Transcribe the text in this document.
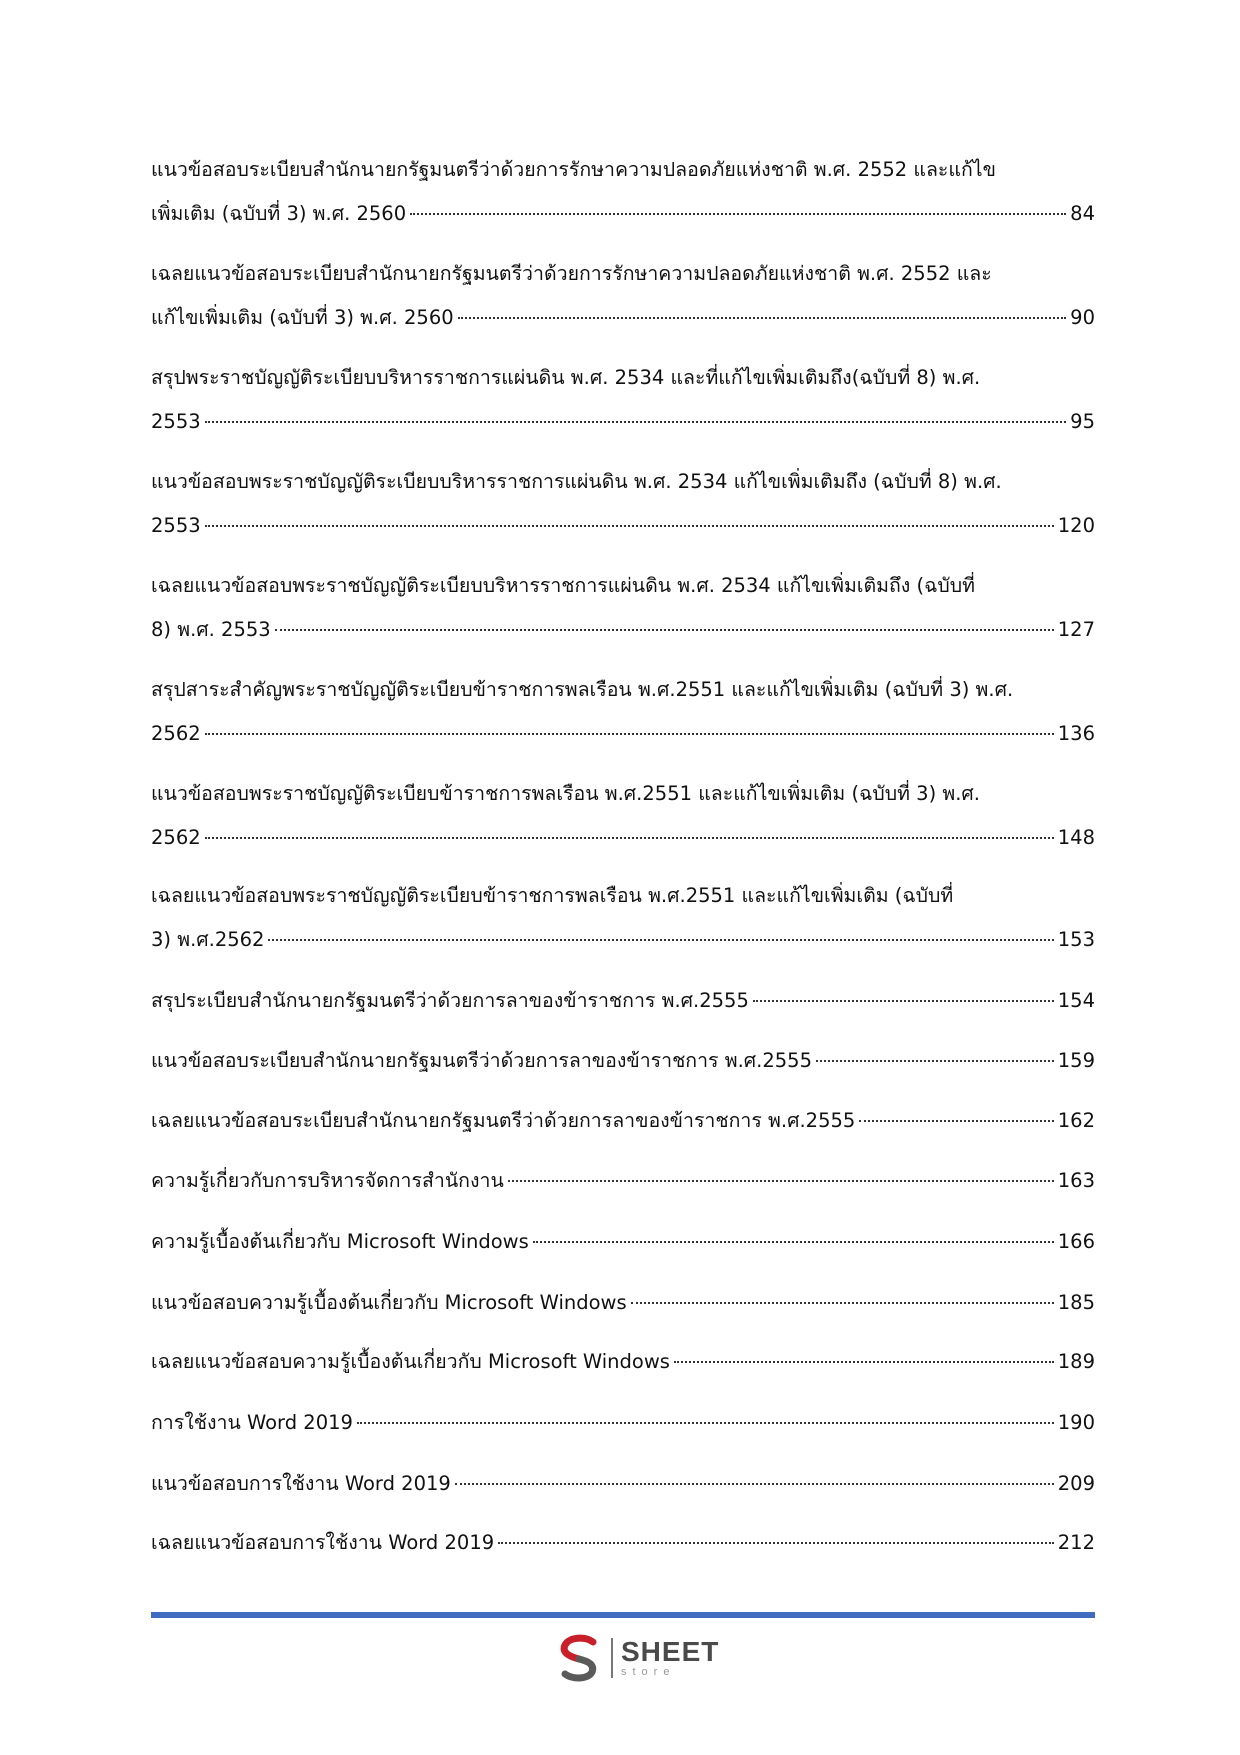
แนวข้อสอบระเบียบสำนักนายกรัฐมนตรีว่าด้วยการรักษาความปลอดภัยแห่งชาติ พ.ศ. 2552 และแก้ไข
เพิ่มเติม (ฉบับที่ 3) พ.ศ. 2560	84
เฉลยแนวข้อสอบระเบียบสำนักนายกรัฐมนตรีว่าด้วยการรักษาความปลอดภัยแห่งชาติ พ.ศ. 2552 และ
แก้ไขเพิ่มเติม (ฉบับที่ 3) พ.ศ. 2560	90
สรุปพระราชบัญญัติระเบียบบริหารราชการแผ่นดิน พ.ศ. 2534 และที่แก้ไขเพิ่มเติมถึง(ฉบับที่ 8) พ.ศ.
2553	95
แนวข้อสอบพระราชบัญญัติระเบียบบริหารราชการแผ่นดิน พ.ศ. 2534 แก้ไขเพิ่มเติมถึง (ฉบับที่ 8) พ.ศ.
2553	120
เฉลยแนวข้อสอบพระราชบัญญัติระเบียบบริหารราชการแผ่นดิน พ.ศ. 2534 แก้ไขเพิ่มเติมถึง (ฉบับที่
8) พ.ศ. 2553	127
สรุปสาระสำคัญพระราชบัญญัติระเบียบข้าราชการพลเรือน พ.ศ.2551 และแก้ไขเพิ่มเติม (ฉบับที่ 3) พ.ศ.
2562	136
แนวข้อสอบพระราชบัญญัติระเบียบข้าราชการพลเรือน พ.ศ.2551 และแก้ไขเพิ่มเติม (ฉบับที่ 3) พ.ศ.
2562	148
เฉลยแนวข้อสอบพระราชบัญญัติระเบียบข้าราชการพลเรือน พ.ศ.2551 และแก้ไขเพิ่มเติม (ฉบับที่
3) พ.ศ.2562	153
สรุประเบียบสำนักนายกรัฐมนตรีว่าด้วยการลาของข้าราชการ พ.ศ.2555	154
แนวข้อสอบระเบียบสำนักนายกรัฐมนตรีว่าด้วยการลาของข้าราชการ พ.ศ.2555	159
เฉลยแนวข้อสอบระเบียบสำนักนายกรัฐมนตรีว่าด้วยการลาของข้าราชการ พ.ศ.2555	162
ความรู้เกี่ยวกับการบริหารจัดการสำนักงาน	163
ความรู้เบื้องต้นเกี่ยวกับ Microsoft Windows	166
แนวข้อสอบความรู้เบื้องต้นเกี่ยวกับ Microsoft Windows	185
เฉลยแนวข้อสอบความรู้เบื้องต้นเกี่ยวกับ Microsoft Windows	189
การใช้งาน Word 2019	190
แนวข้อสอบการใช้งาน Word 2019	209
เฉลยแนวข้อสอบการใช้งาน Word 2019	212
SHEET
store
